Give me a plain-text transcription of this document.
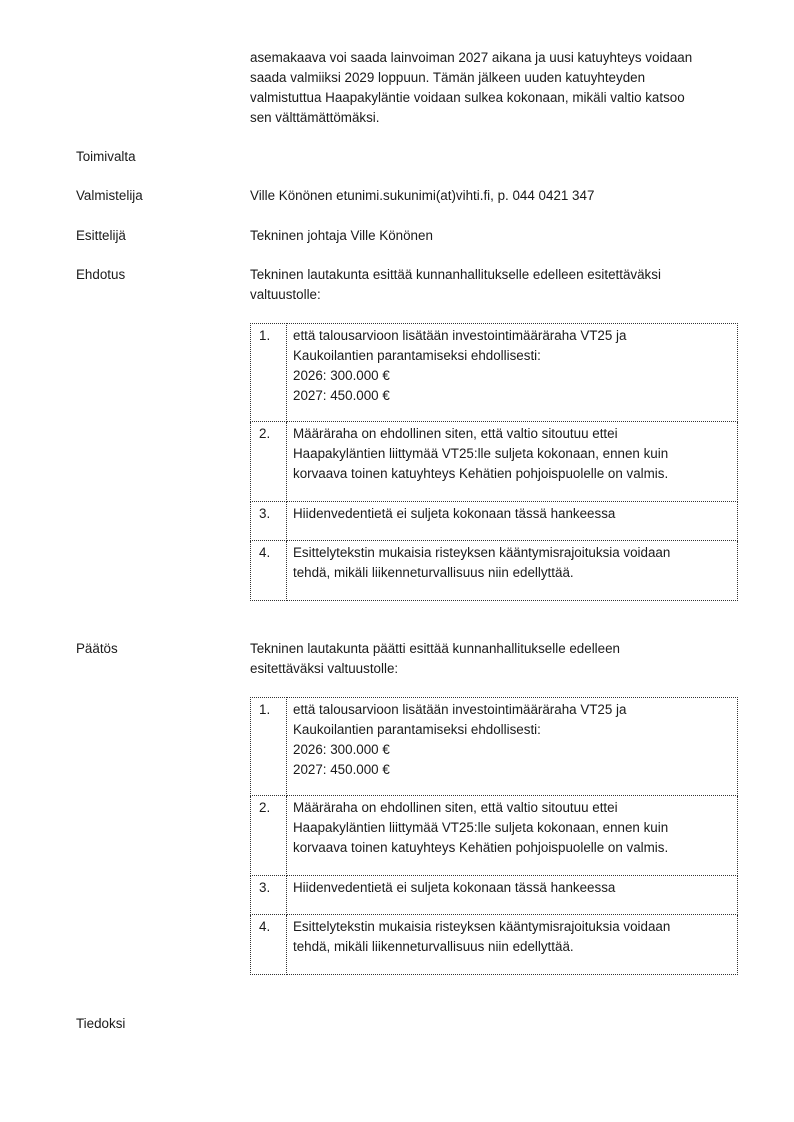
asemakaava voi saada lainvoiman 2027 aikana ja uusi katuyhteys voidaan
saada valmiiksi 2029 loppuun. Tämän jälkeen uuden katuyhteyden
valmistuttua Haapakyläntie voidaan sulkea kokonaan, mikäli valtio katsoo
sen välttämättömäksi.
Toimivalta
Valmistelija	Ville Könönen etunimi.sukunimi(at)vihti.fi, p. 044 0421 347
Esittelijä	Tekninen johtaja Ville Könönen
Ehdotus	Tekninen lautakunta esittää kunnanhallitukselle edelleen esitettäväksi
valtuustolle:
1.	että talousarvioon lisätään investointimääräraha VT25 ja
Kaukoilantien parantamiseksi ehdollisesti:
2026: 300.000 €
2027: 450.000 €

2.	Määräraha on ehdollinen siten, että valtio sitoutuu ettei
Haapakyläntien liittymää VT25:lle suljeta kokonaan, ennen kuin
korvaava toinen katuyhteys Kehätien pohjoispuolelle on valmis.

3.	Hiidenvedentietä ei suljeta kokonaan tässä hankeessa

4.	Esittelytekstin mukaisia risteyksen kääntymisrajoituksia voidaan
tehdä, mikäli liikenneturvallisuus niin edellyttää.
Päätös	Tekninen lautakunta päätti esittää kunnanhallitukselle edelleen
esitettäväksi valtuustolle:
1.	että talousarvioon lisätään investointimääräraha VT25 ja
Kaukoilantien parantamiseksi ehdollisesti:
2026: 300.000 €
2027: 450.000 €

2.	Määräraha on ehdollinen siten, että valtio sitoutuu ettei
Haapakyläntien liittymää VT25:lle suljeta kokonaan, ennen kuin
korvaava toinen katuyhteys Kehätien pohjoispuolelle on valmis.

3.	Hiidenvedentietä ei suljeta kokonaan tässä hankeessa

4.	Esittelytekstin mukaisia risteyksen kääntymisrajoituksia voidaan
tehdä, mikäli liikenneturvallisuus niin edellyttää.
Tiedoksi
